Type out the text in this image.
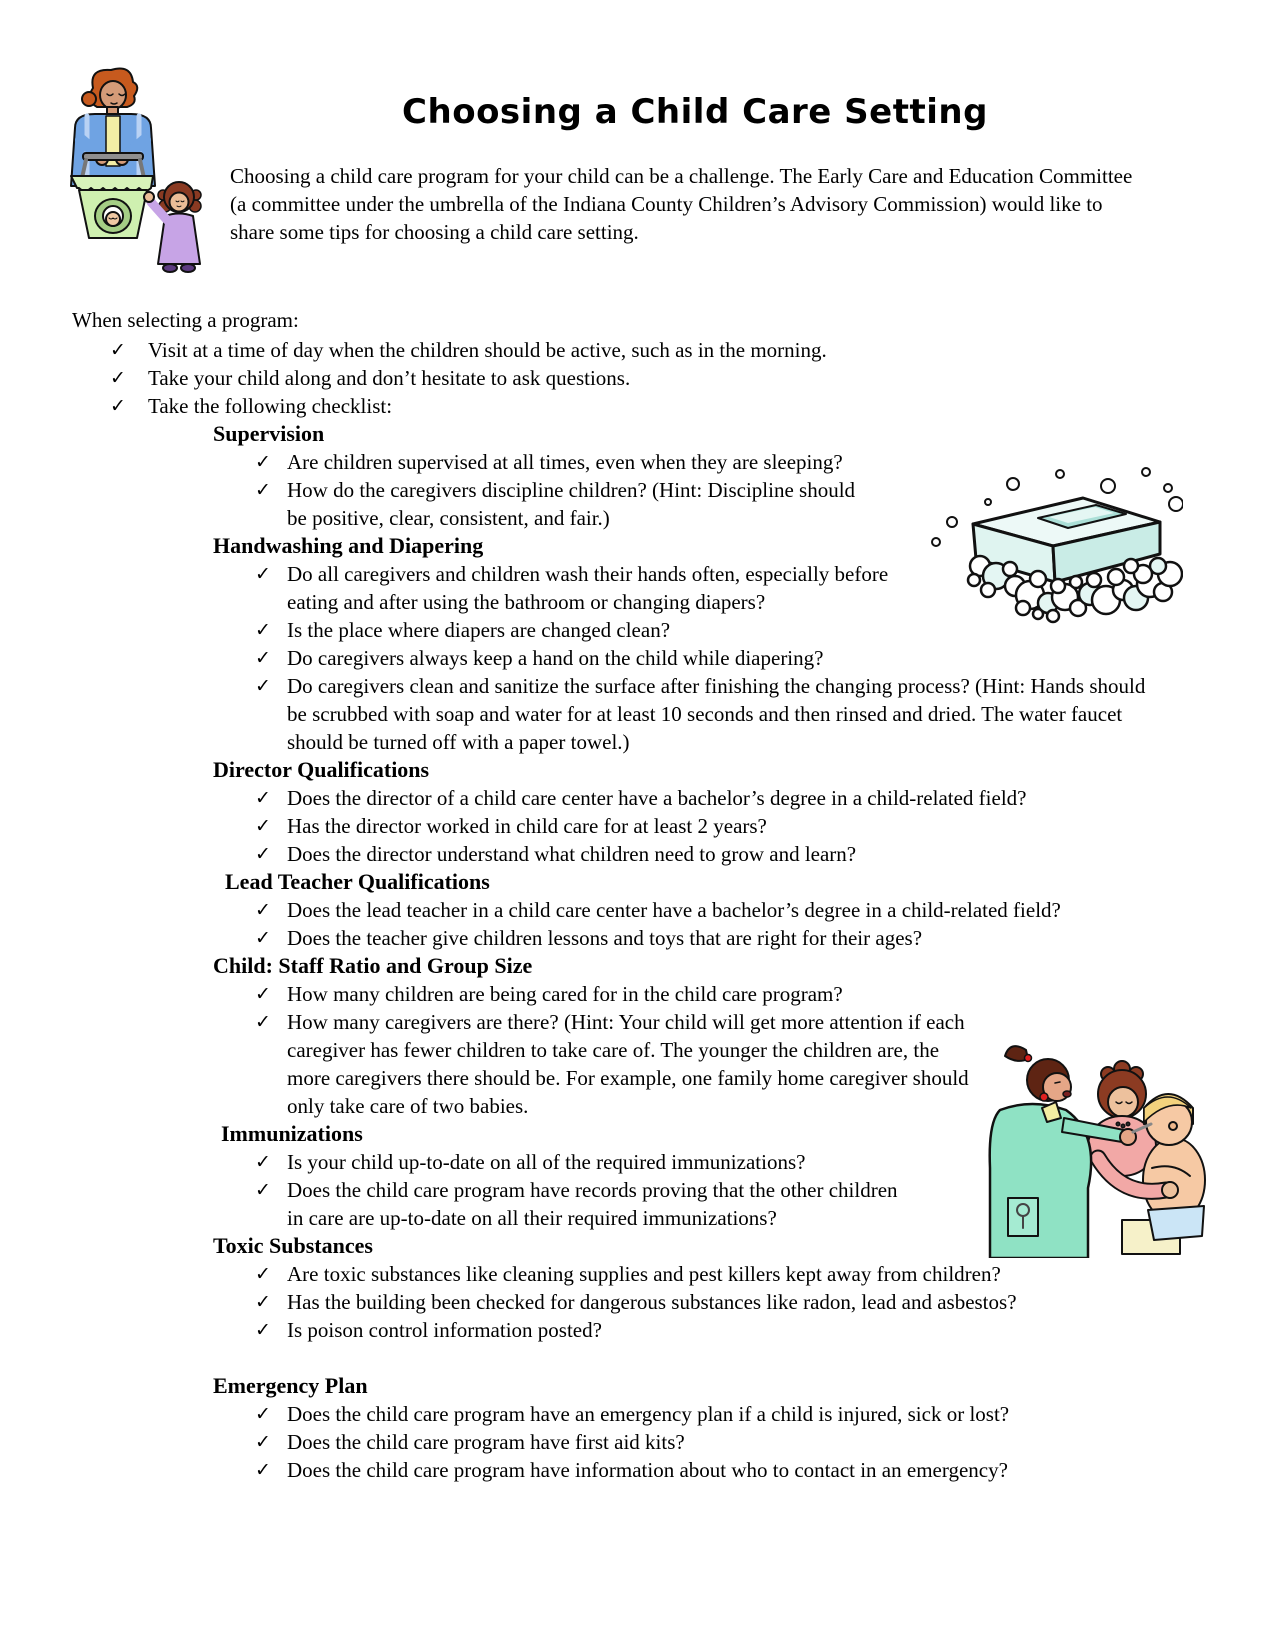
Choosing a Child Care Setting

Choosing a child care program for your child can be a challenge. The Early Care and Education Committee (a committee under the umbrella of the Indiana County Children’s Advisory Commission) would like to share some tips for choosing a child care setting.

When selecting a program:

✓	Visit at a time of day when the children should be active, such as in the morning.
✓	Take your child along and don’t hesitate to ask questions.
✓	Take the following checklist:
Supervision
✓ Are children supervised at all times, even when they are sleeping?
✓ How do the caregivers discipline children? (Hint: Discipline should be positive, clear, consistent, and fair.)
Handwashing and Diapering
✓ Do all caregivers and children wash their hands often, especially before eating and after using the bathroom or changing diapers?
✓ Is the place where diapers are changed clean?
✓ Do caregivers always keep a hand on the child while diapering?
✓ Do caregivers clean and sanitize the surface after finishing the changing process? (Hint: Hands should be scrubbed with soap and water for at least 10 seconds and then rinsed and dried. The water faucet should be turned off with a paper towel.)
Director Qualifications
✓ Does the director of a child care center have a bachelor’s degree in a child-related field?
✓ Has the director worked in child care for at least 2 years?
✓ Does the director understand what children need to grow and learn?
Lead Teacher Qualifications
✓ Does the lead teacher in a child care center have a bachelor’s degree in a child-related field?
✓ Does the teacher give children lessons and toys that are right for their ages?
Child: Staff Ratio and Group Size
✓ How many children are being cared for in the child care program?
✓ How many caregivers are there? (Hint: Your child will get more attention if each caregiver has fewer children to take care of. The younger the children are, the more caregivers there should be. For example, one family home caregiver should only take care of two babies.
Immunizations
✓ Is your child up-to-date on all of the required immunizations?
✓ Does the child care program have records proving that the other children in care are up-to-date on all their required immunizations?
Toxic Substances
✓ Are toxic substances like cleaning supplies and pest killers kept away from children?
✓ Has the building been checked for dangerous substances like radon, lead and asbestos?
✓ Is poison control information posted?
Emergency Plan
✓ Does the child care program have an emergency plan if a child is injured, sick or lost?
✓ Does the child care program have first aid kits?
✓ Does the child care program have information about who to contact in an emergency?
